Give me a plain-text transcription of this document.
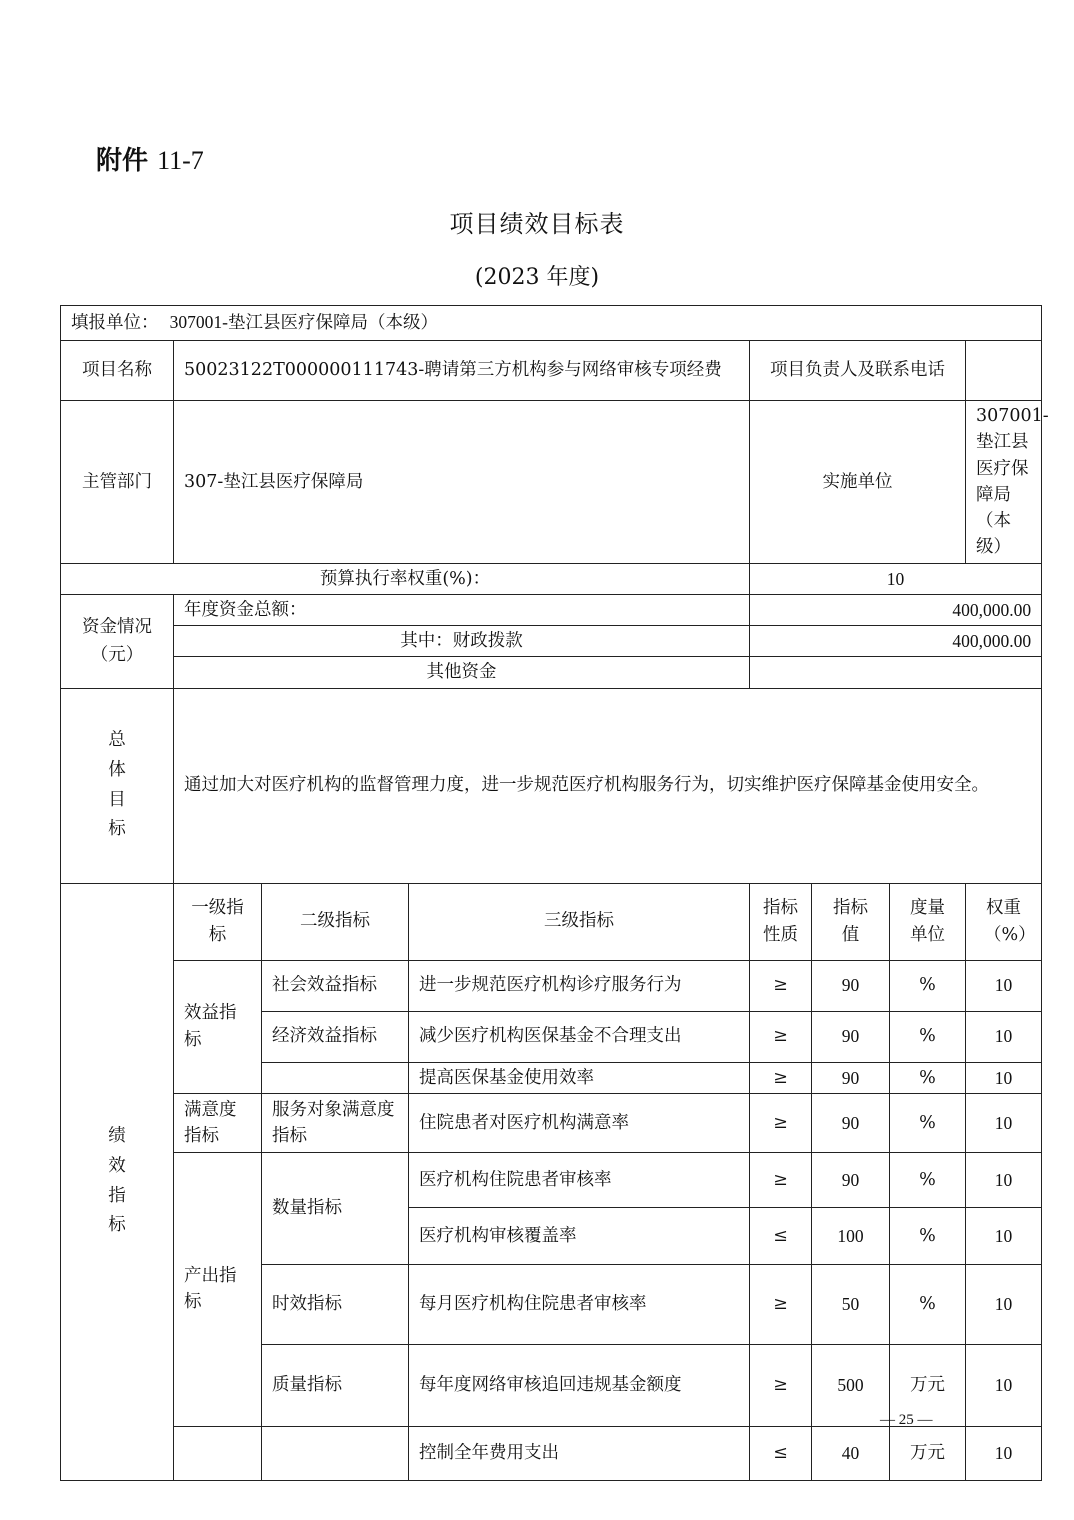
附件 11-7
项目绩效目标表
(2023 年度)
填报单位： 307001-垫江县医疗保障局（本级）							
项目名称	50023122T000000111743-聘请第三方机构参与网络审核专项经费			项目负责人及联系电话			
主管部门	307-垫江县医疗保障局			实施单位			307001-垫江县医疗保障局（本级）
预算执行率权重(%)：				10			
资金情况（元）	年度资金总额：			400,000.00			
	其中：财政拨款			400,000.00			
	其他资金						
总体目标	通过加大对医疗机构的监督管理力度，进一步规范医疗机构服务行为，切实维护医疗保障基金使用安全。						
绩效指标	一级指标	二级指标	三级指标	指标性质	指标值	度量单位	权重（%）
	效益指标	社会效益指标	进一步规范医疗机构诊疗服务行为	≥	90	%	10
		经济效益指标	减少医疗机构医保基金不合理支出	≥	90	%	10
			提高医保基金使用效率	≥	90	%	10
	满意度指标	服务对象满意度指标	住院患者对医疗机构满意率	≥	90	%	10
	产出指标	数量指标	医疗机构住院患者审核率	≥	90	%	10
			医疗机构审核覆盖率	≤	100	%	10
		时效指标	每月医疗机构住院患者审核率	≥	50	%	10
		质量指标	每年度网络审核追回违规基金额度	≥	500	万元	10
			控制全年费用支出	≤	40	万元	10
— 25 —
